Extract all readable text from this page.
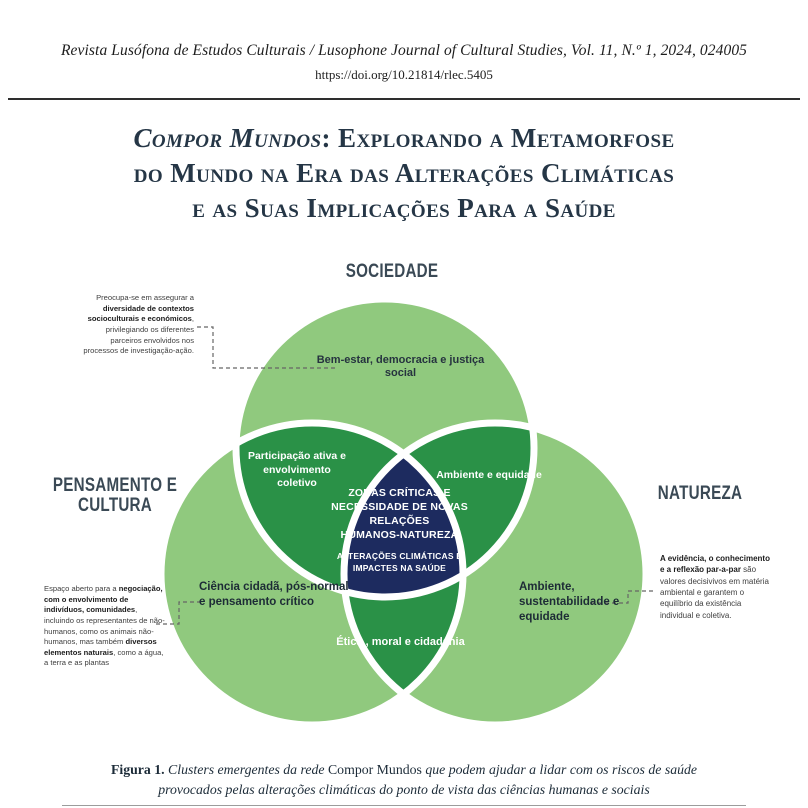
Revista Lusófona de Estudos Culturais / Lusophone Journal of Cultural Studies, Vol. 11, N.º 1, 2024, 024005
https://doi.org/10.21814/rlec.5405
Compor Mundos: Explorando a Metamorfose
do Mundo na Era das Alterações Climáticas
e as Suas Implicações Para a Saúde
SOCIEDADE
PENSAMENTO E CULTURA
NATUREZA
Preocupa-se em assegurar a diversidade de contextos socioculturais e económicos, privilegiando os diferentes parceiros envolvidos nos processos de investigação-ação.
Espaço aberto para a negociação, com o envolvimento de indivíduos, comunidades, incluindo os representantes de não-humanos, como os animais não-humanos, mas também diversos elementos naturais, como a água, a terra e as plantas
A evidência, o conhecimento e a reflexão par-a-par são valores decisivivos em matéria ambiental e garantem o equilíbrio da existência individual e coletiva.
Bem-estar, democracia e justiça social
Participação ativa e envolvimento coletivo
Ambiente e equidade
ZONAS CRÍTICAS E
NECESSIDADE DE NOVAS
RELAÇÕES
HUMANOS-NATUREZA
ALTERAÇÕES CLIMÁTICAS E
IMPACTES NA SAÚDE
Ciência cidadã, pós-normal e pensamento crítico
Ambiente, sustentabilidade e equidade
Ética , moral e cidadania
Figura 1. Clusters emergentes da rede Compor Mundos que podem ajudar a lidar com os riscos de saúde
provocados pelas alterações climáticas do ponto de vista das ciências humanas e sociais
